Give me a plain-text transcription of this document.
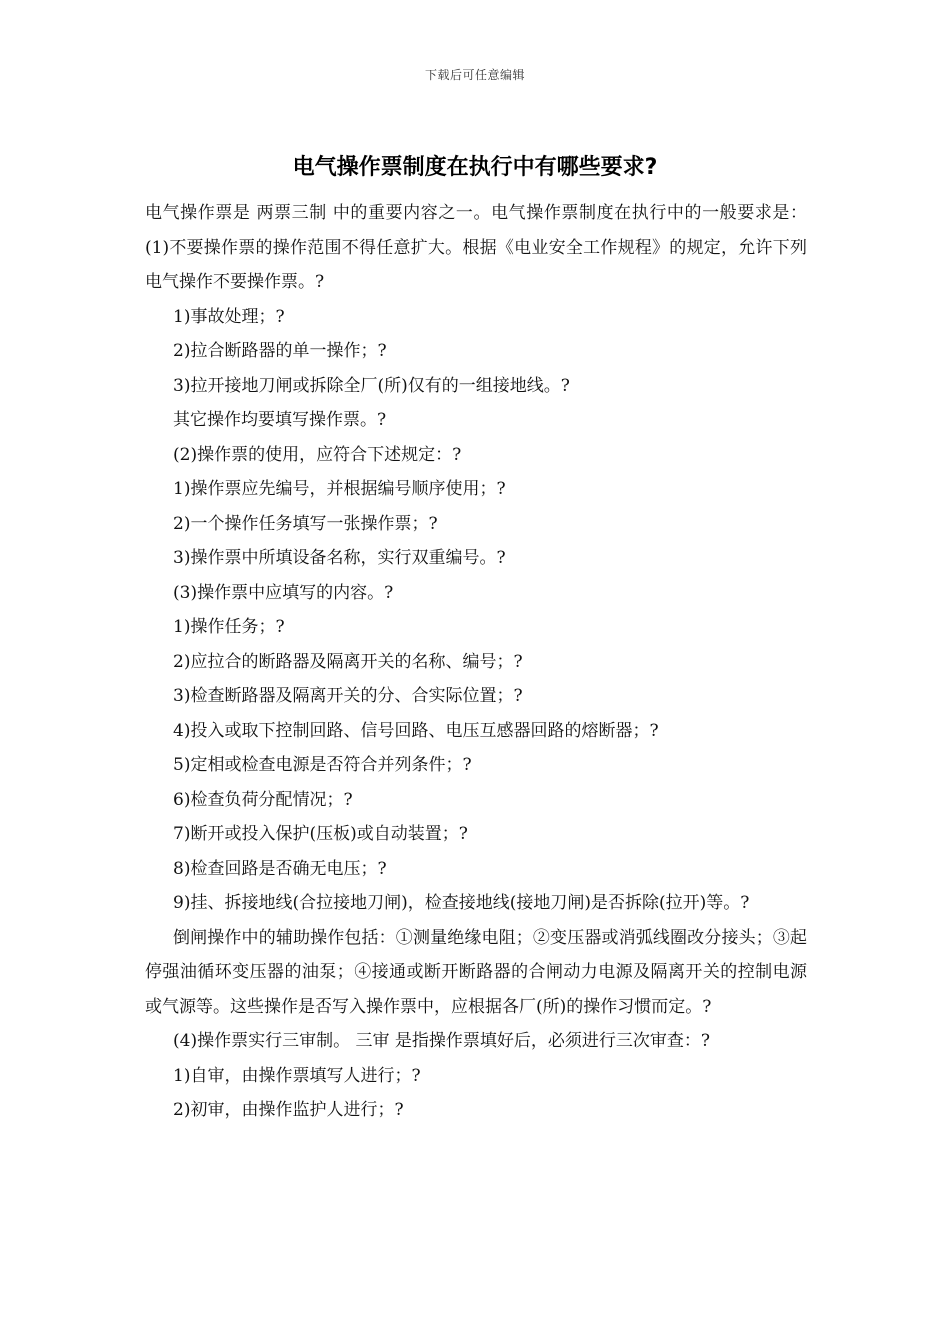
下载后可任意编辑
电气操作票制度在执行中有哪些要求?

电气操作票是 两票三制 中的重要内容之一。电气操作票制度在执行中的一般要求是：(1)不要操作票的操作范围不得任意扩大。根据《电业安全工作规程》的规定，允许下列电气操作不要操作票。?

1)事故处理；?

2)拉合断路器的单一操作；?

3)拉开接地刀闸或拆除全厂(所)仅有的一组接地线。?

其它操作均要填写操作票。?

(2)操作票的使用，应符合下述规定：?

1)操作票应先编号，并根据编号顺序使用；?

2)一个操作任务填写一张操作票；?

3)操作票中所填设备名称，实行双重编号。?

(3)操作票中应填写的内容。?

1)操作任务；?

2)应拉合的断路器及隔离开关的名称、编号；?

3)检查断路器及隔离开关的分、合实际位置；?

4)投入或取下控制回路、信号回路、电压互感器回路的熔断器；?

5)定相或检查电源是否符合并列条件；?

6)检查负荷分配情况；?

7)断开或投入保护(压板)或自动装置；?

8)检查回路是否确无电压；?

9)挂、拆接地线(合拉接地刀闸)，检查接地线(接地刀闸)是否拆除(拉开)等。?

倒闸操作中的辅助操作包括：①测量绝缘电阻；②变压器或消弧线圈改分接头；③起停强油循环变压器的油泵；④接通或断开断路器的合闸动力电源及隔离开关的控制电源或气源等。这些操作是否写入操作票中，应根据各厂(所)的操作习惯而定。?

(4)操作票实行三审制。 三审 是指操作票填好后，必须进行三次审查：?

1)自审，由操作票填写人进行；?

2)初审，由操作监护人进行；?
